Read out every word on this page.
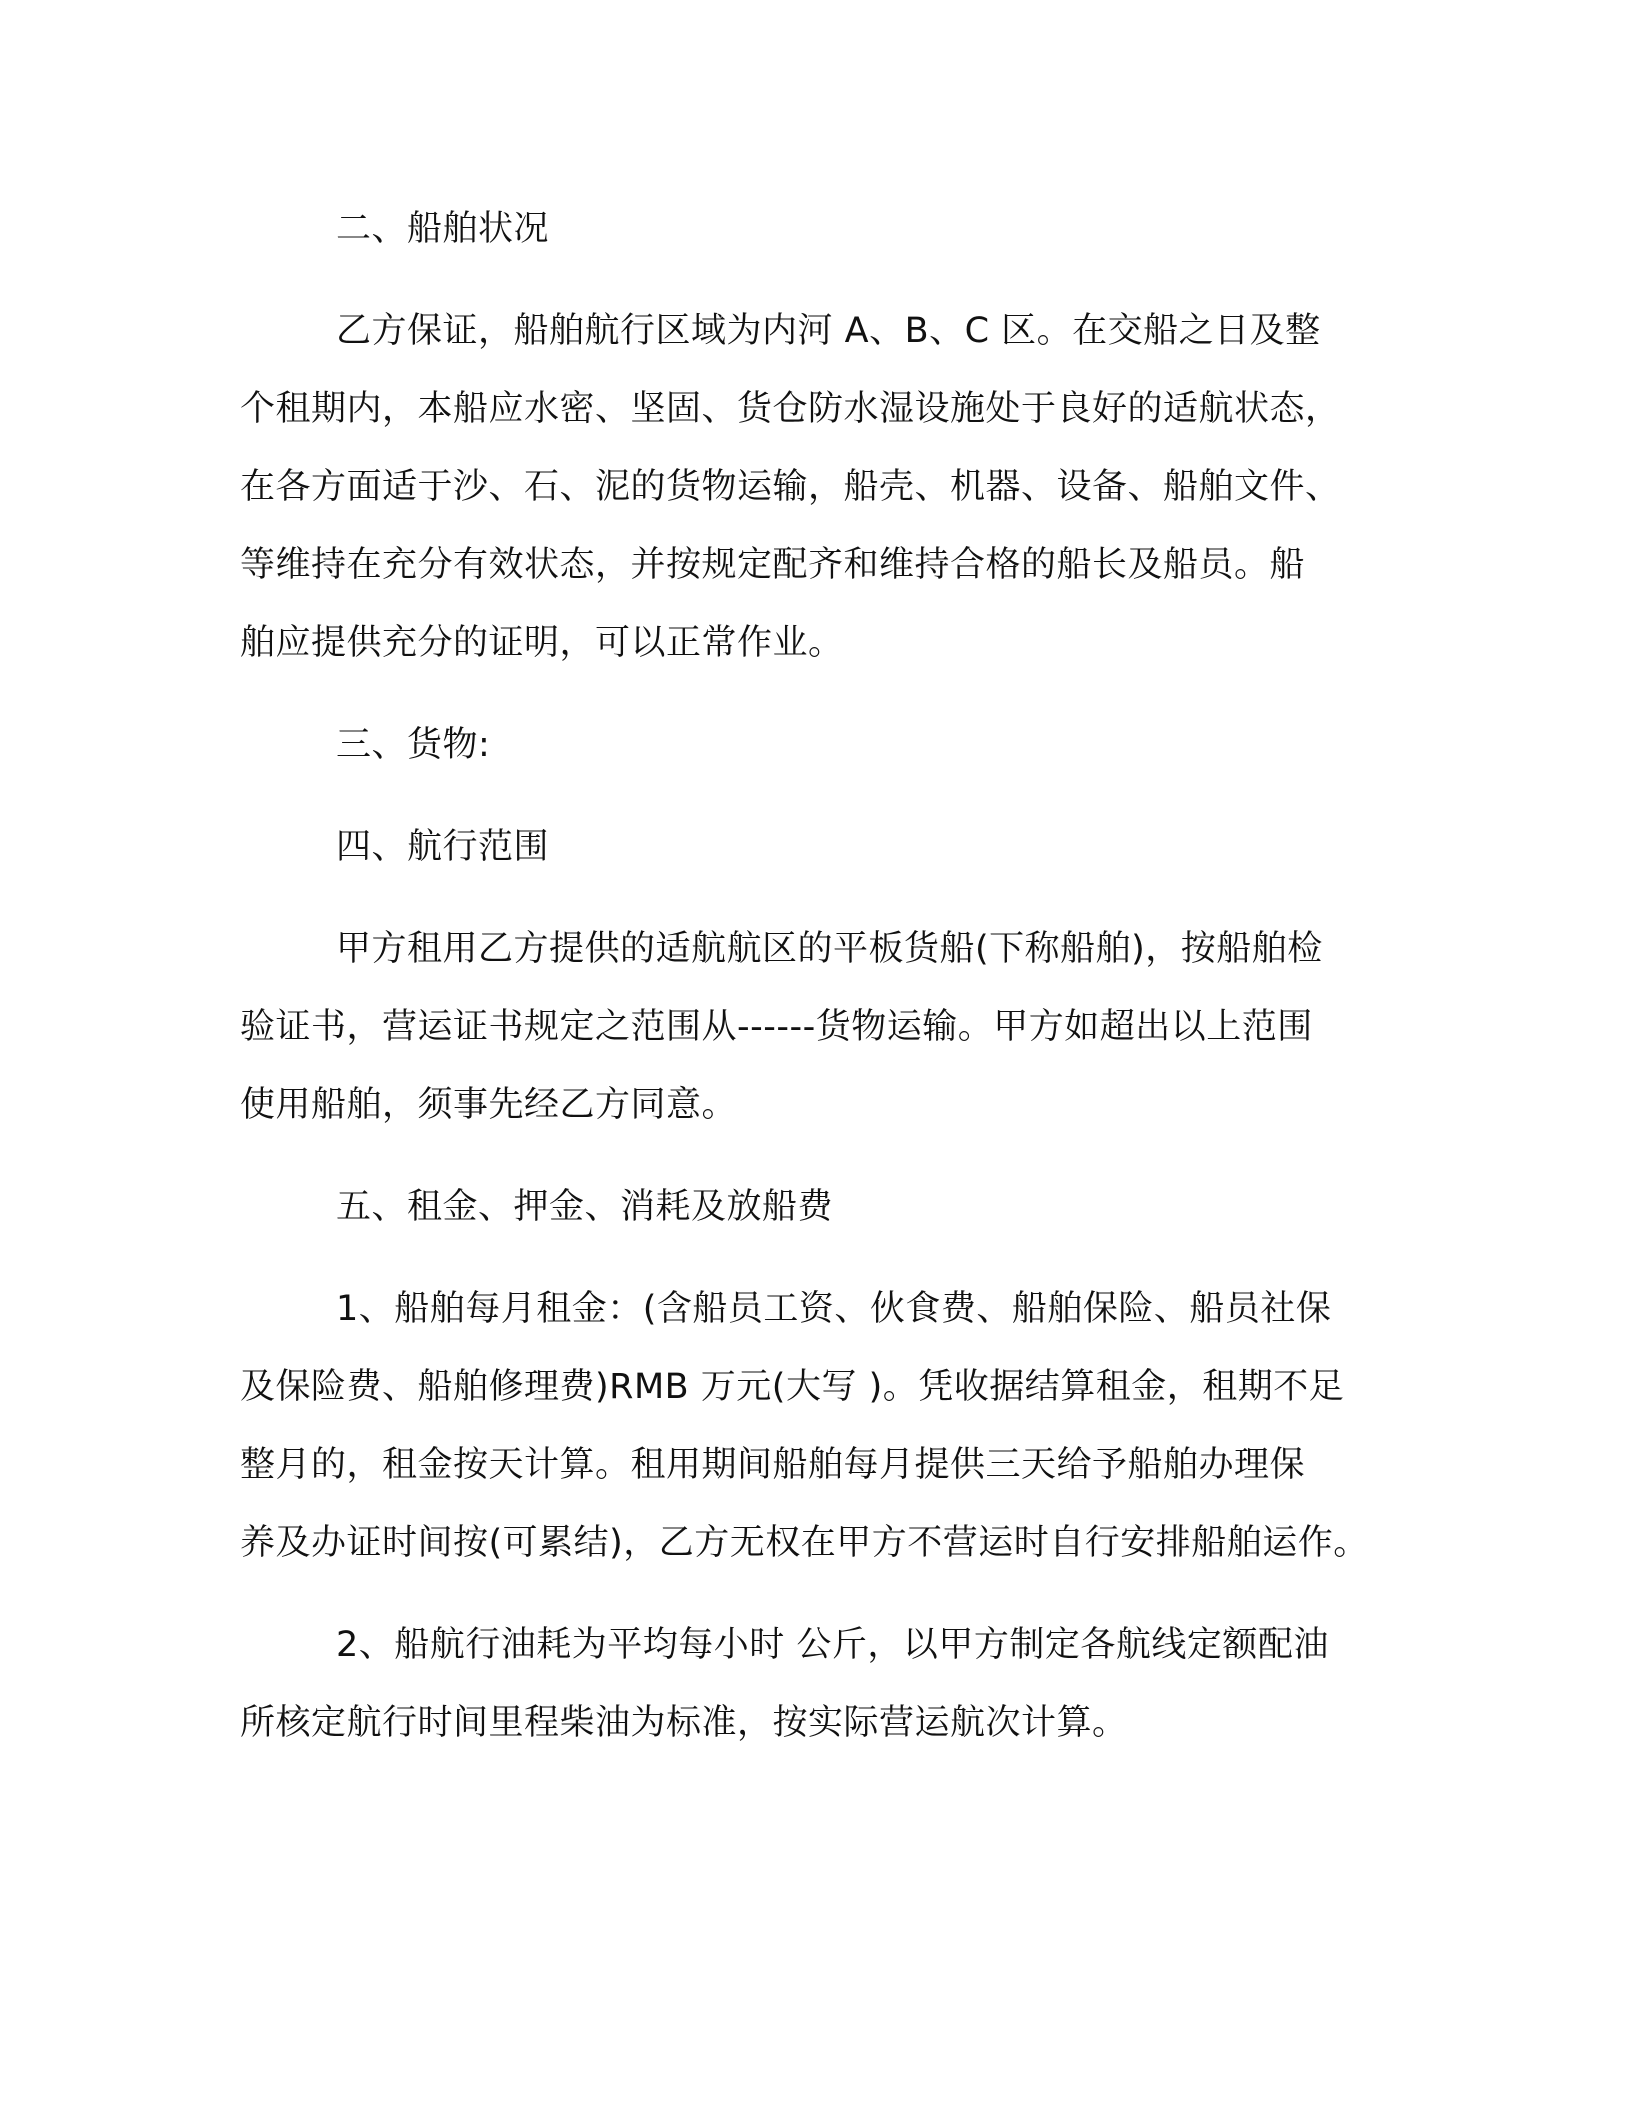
二、船舶状况
乙方保证，船舶航行区域为内河 A、B、C 区。在交船之日及整
个租期内，本船应水密、坚固、货仓防水湿设施处于良好的适航状态，
在各方面适于沙、石、泥的货物运输，船壳、机器、设备、船舶文件、
等维持在充分有效状态，并按规定配齐和维持合格的船长及船员。船
舶应提供充分的证明，可以正常作业。
三、货物:
四、航行范围
甲方租用乙方提供的适航航区的平板货船(下称船舶)，按船舶检
验证书，营运证书规定之范围从------货物运输。甲方如超出以上范围
使用船舶，须事先经乙方同意。
五、租金、押金、消耗及放船费
1、船舶每月租金：(含船员工资、伙食费、船舶保险、船员社保
及保险费、船舶修理费)RMB 万元(大写 )。凭收据结算租金，租期不足
整月的，租金按天计算。租用期间船舶每月提供三天给予船舶办理保
养及办证时间按(可累结)，乙方无权在甲方不营运时自行安排船舶运作。
2、船航行油耗为平均每小时 公斤，以甲方制定各航线定额配油
所核定航行时间里程柴油为标准，按实际营运航次计算。
